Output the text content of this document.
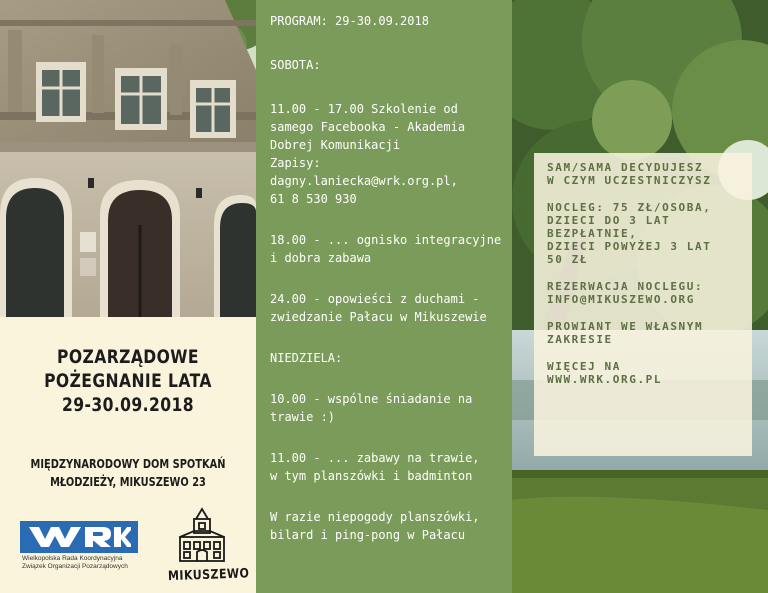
POZARZĄDOWE
POŻEGNANIE LATA
29-30.09.2018
MIĘDZYNARODOWY DOM SPOTKAŃ
MŁODZIEŻY, MIKUSZEWO 23
Wielkopolska Rada Koordynacyjna
Związek Organizacji Pozarządowych
MIKUSZEWO
PROGRAM: 29-30.09.2018
SOBOTA:
11.00 - 17.00 Szkolenie od
samego Facebooka - Akademia
Dobrej Komunikacji
Zapisy:
dagny.laniecka@wrk.org.pl,
61 8 530 930
18.00 - ... ognisko integracyjne
i dobra zabawa
24.00 - opowieści z duchami -
zwiedzanie Pałacu w Mikuszewie
NIEDZIELA:
10.00 - wspólne śniadanie na
trawie :)
11.00 - ... zabawy na trawie,
w tym planszówki i badminton
W razie niepogody planszówki,
bilard i ping-pong w Pałacu
SAM/SAMA DECYDUJESZ
W CZYM UCZESTNICZYSZ
NOCLEG: 75 ZŁ/OSOBA,
DZIECI DO 3 LAT
BEZPŁATNIE,
DZIECI POWYŻEJ 3 LAT
50 ZŁ
REZERWACJA NOCLEGU:
INFO@MIKUSZEWO.ORG
PROWIANT WE WŁASNYM
ZAKRESIE
WIĘCEJ NA
WWW.WRK.ORG.PL
